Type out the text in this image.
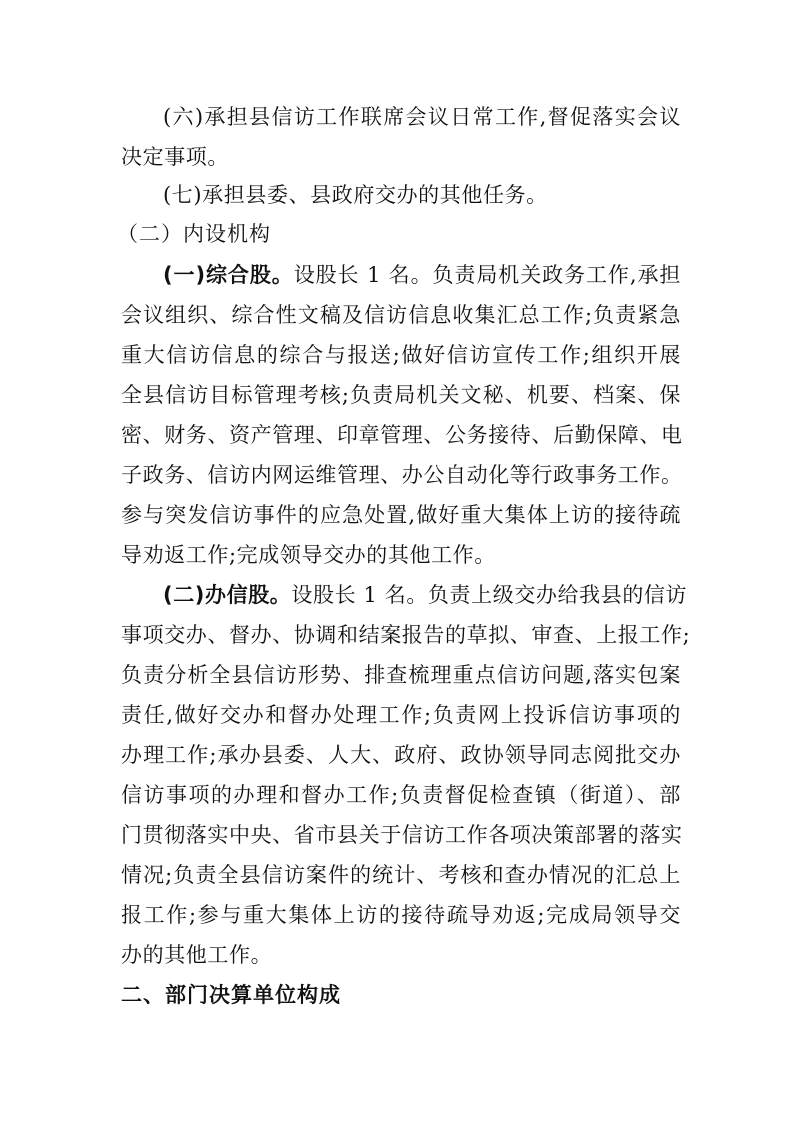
(六)承担县信访工作联席会议日常工作,督促落实会议
决定事项。
(七)承担县委、县政府交办的其他任务。
（二）内设机构
(一)综合股。设股长 1 名。负责局机关政务工作,承担
会议组织、综合性文稿及信访信息收集汇总工作;负责紧急
重大信访信息的综合与报送;做好信访宣传工作;组织开展
全县信访目标管理考核;负责局机关文秘、机要、档案、保
密、财务、资产管理、印章管理、公务接待、后勤保障、电
子政务、信访内网运维管理、办公自动化等行政事务工作。
参与突发信访事件的应急处置,做好重大集体上访的接待疏
导劝返工作;完成领导交办的其他工作。
(二)办信股。设股长 1 名。负责上级交办给我县的信访
事项交办、督办、协调和结案报告的草拟、审查、上报工作;
负责分析全县信访形势、排查梳理重点信访问题,落实包案
责任,做好交办和督办处理工作;负责网上投诉信访事项的
办理工作;承办县委、人大、政府、政协领导同志阅批交办
信访事项的办理和督办工作;负责督促检查镇（街道）、部
门贯彻落实中央、省市县关于信访工作各项决策部署的落实
情况;负责全县信访案件的统计、考核和查办情况的汇总上
报工作;参与重大集体上访的接待疏导劝返;完成局领导交
办的其他工作。
二、部门决算单位构成
